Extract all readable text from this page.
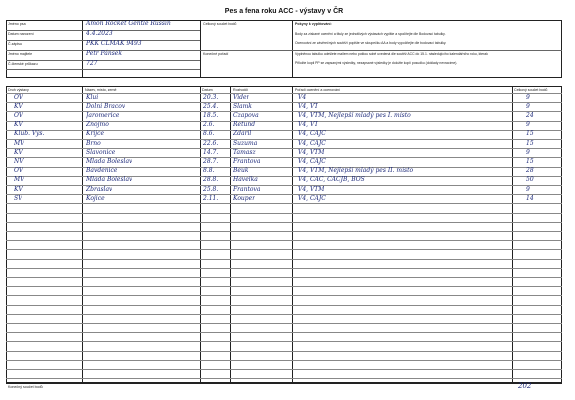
Pes a fena roku ACC - výstavy v ČR
Jméno psa	Amon Rocket Gentle Russin
Datum narození	4.4.2023
Č.zápisu	PKK CLMAK 9493
Jméno majitele	Petr Pánsek
Č.členské průkazu	727
Celkový součet bodů
Konečné pořadí
Pokyny k vyplňování:
Body za získané ocenění a tituly ze jednotlivých výstavách vypište a spočítejte dle Bodovací tabulky.
Ocenování ze závěrečných soutěží popište ve sloupečku AA a body vypočítejte dle bodovací tabulky.
Vyplněnou tabulku odešlete mailem nebo poštou sobě uvedená dle soutěž ACC do 15.1. následujícího kalendářního roku, kterak
Přiložte kopii PP se zapsanými výsledky, nezapsané výsledky je doložte kopií posudku (doklady nevracíme).
Druh výstavy	Název, místo, země	Datum	Rozhodčí	Pořadí ocenění a ocenování	Celkový součet bodů
OV	Klui	20.3. Vider	V4	9
KV	Dolni Bracov	25.4. Slamk	V4, VT	9
OV	Jaromerice	18.5. Czapova	V4, VTM, Nejlepší mladý pes I. místo	24
KV	Znojmo	2.6.	Retund	V4, VT	9
Klub. Výs.	Krijce	8.6.	Zdaril	V4, CAJC	15
MV	Brno	22.6. Suzuma	V4, CAJC	15
KV	Slavonice	14.7. Tamasz	V4, VTM	9
NV	Mlada Boleslav	28.7. Frantova	V4, CAJC	15
OV	Bavdenice	8.8.	Beuk	V4, VTM, Nejlepší mladý pes II. místo	28
MV	Mlada Boleslav	28.8. Havelka	V4, CAC, CACJB, BOS	50
KV	Zbraslav	25.8. Frantova	V4, VTM	9
SV	Kojice	2.11. Kouper	V4, CAJC	14
Konečný součet bodů	202
